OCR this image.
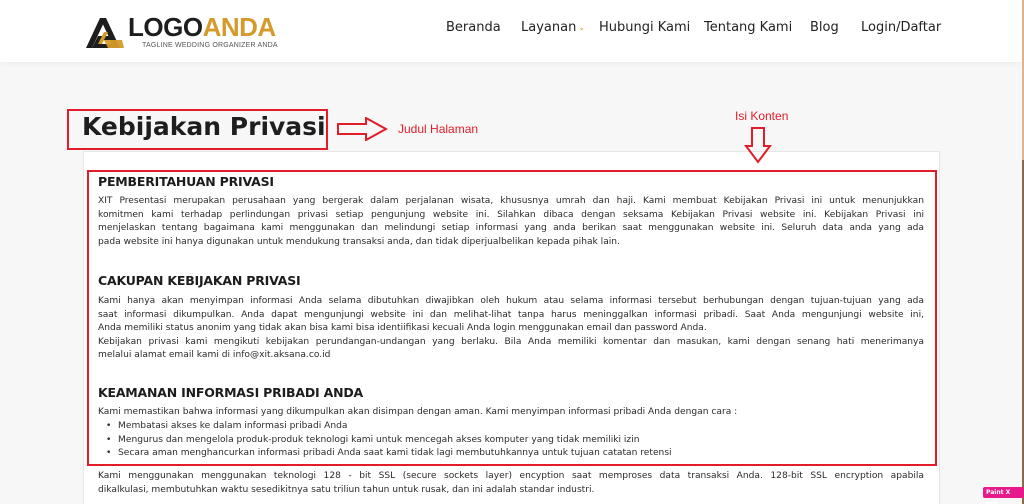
LOGOANDA
TAGLINE WEDDING ORGANIZER ANDA
Beranda Layanan ⌄ Hubungi Kami Tentang Kami Blog Login/Daftar
Kebijakan Privasi	Judul Halaman
Isi Konten
PEMBERITAHUAN PRIVASI
XIT Presentasi merupakan perusahaan yang bergerak dalam perjalanan wisata, khususnya umrah dan haji. Kami membuat Kebijakan Privasi ini untuk menunjukkan
komitmen kami terhadap perlindungan privasi setiap pengunjung website ini. Silahkan dibaca dengan seksama Kebijakan Privasi website ini. Kebijakan Privasi ini
menjelaskan tentang bagaimana kami menggunakan dan melindungi setiap informasi yang anda berikan saat menggunakan website ini. Seluruh data anda yang ada
pada website ini hanya digunakan untuk mendukung transaksi anda, dan tidak diperjualbelikan kepada pihak lain.
CAKUPAN KEBIJAKAN PRIVASI
Kami hanya akan menyimpan informasi Anda selama dibutuhkan diwajibkan oleh hukum atau selama informasi tersebut berhubungan dengan tujuan-tujuan yang ada
saat informasi dikumpulkan. Anda dapat mengunjungi website ini dan melihat-lihat tanpa harus meninggalkan informasi pribadi. Saat Anda mengunjungi website ini,
Anda memiliki status anonim yang tidak akan bisa kami bisa identiifikasi kecuali Anda login menggunakan email dan password Anda.
Kebijakan privasi kami mengikuti kebijakan perundangan-undangan yang berlaku. Bila Anda memiliki komentar dan masukan, kami dengan senang hati menerimanya
melalui alamat email kami di info@xit.aksana.co.id
KEAMANAN INFORMASI PRIBADI ANDA
Kami memastikan bahwa informasi yang dikumpulkan akan disimpan dengan aman. Kami menyimpan informasi pribadi Anda dengan cara :
• Membatasi akses ke dalam informasi pribadi Anda
• Mengurus dan mengelola produk-produk teknologi kami untuk mencegah akses komputer yang tidak memiliki izin
• Secara aman menghancurkan informasi pribadi Anda saat kami tidak lagi membutuhkannya untuk tujuan catatan retensi
Kami menggunakan menggunakan teknologi 128 - bit SSL (secure sockets layer) encyption saat memproses data transaksi Anda. 128-bit SSL encryption apabila
dikalkulasi, membutuhkan waktu sesedikitnya satu triliun tahun untuk rusak, dan ini adalah standar industri.	Paint X lite
